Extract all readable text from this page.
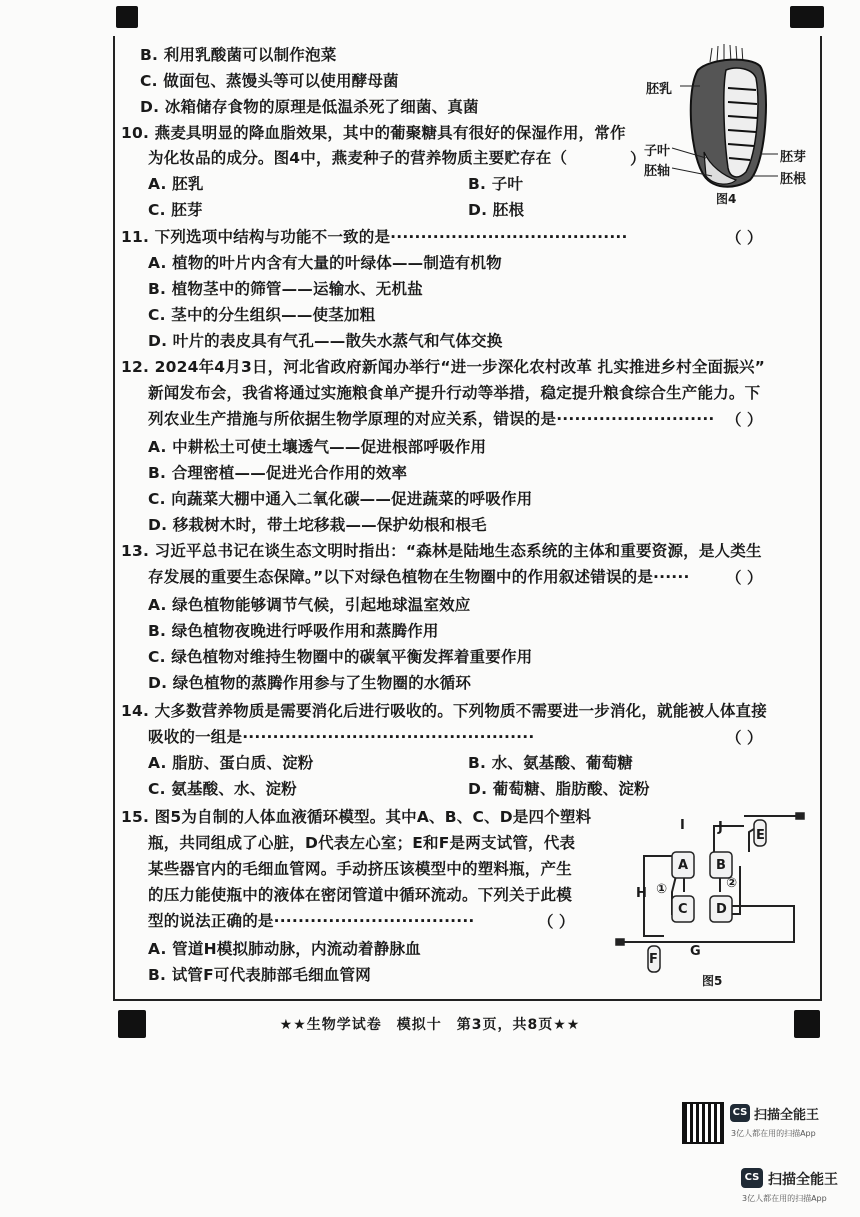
B. 利用乳酸菌可以制作泡菜
C. 做面包、蒸馒头等可以使用酵母菌
D. 冰箱储存食物的原理是低温杀死了细菌、真菌
10. 燕麦具明显的降血脂效果，其中的葡聚糖具有很好的保湿作用，常作
为化妆品的成分。图4中，燕麦种子的营养物质主要贮存在（	）
A. 胚乳	B. 子叶
C. 胚芽	D. 胚根
胚乳
子叶
胚轴
胚芽
胚根
图4
11. 下列选项中结构与功能不一致的是·······································	（ ）
A. 植物的叶片内含有大量的叶绿体——制造有机物
B. 植物茎中的筛管——运输水、无机盐
C. 茎中的分生组织——使茎加粗
D. 叶片的表皮具有气孔——散失水蒸气和气体交换
12. 2024年4月3日，河北省政府新闻办举行“进一步深化农村改革 扎实推进乡村全面振兴”
新闻发布会，我省将通过实施粮食单产提升行动等举措，稳定提升粮食综合生产能力。下
列农业生产措施与所依据生物学原理的对应关系，错误的是·························· （ ）
A. 中耕松土可使土壤透气——促进根部呼吸作用
B. 合理密植——促进光合作用的效率
C. 向蔬菜大棚中通入二氧化碳——促进蔬菜的呼吸作用
D. 移栽树木时，带土坨移栽——保护幼根和根毛
13. 习近平总书记在谈生态文明时指出：“森林是陆地生态系统的主体和重要资源，是人类生
存发展的重要生态保障。”以下对绿色植物在生物圈中的作用叙述错误的是······ （ ）
A. 绿色植物能够调节气候，引起地球温室效应
B. 绿色植物夜晚进行呼吸作用和蒸腾作用
C. 绿色植物对维持生物圈中的碳氧平衡发挥着重要作用
D. 绿色植物的蒸腾作用参与了生物圈的水循环
14. 大多数营养物质是需要消化后进行吸收的。下列物质不需要进一步消化，就能被人体直接
吸收的一组是················································	（ ）
A. 脂肪、蛋白质、淀粉	B. 水、氨基酸、葡萄糖
C. 氨基酸、水、淀粉	D. 葡萄糖、脂肪酸、淀粉
15. 图5为自制的人体血液循环模型。其中A、B、C、D是四个塑料
瓶，共同组成了心脏，D代表左心室；E和F是两支试管，代表
某些器官内的毛细血管网。手动挤压该模型中的塑料瓶，产生
的压力能使瓶中的液体在密闭管道中循环流动。下列关于此模
型的说法正确的是·································	（ ）
A. 管道H模拟肺动脉，内流动着静脉血
B. 试管F可代表肺部毛细血管网
I	J
E
A B
C D
H
G
F
①	②
图5
★★生物学试卷　模拟十　第3页，共8页★★
CS 扫描全能王
3亿人都在用的扫描App
CS 扫描全能王
3亿人都在用的扫描App
